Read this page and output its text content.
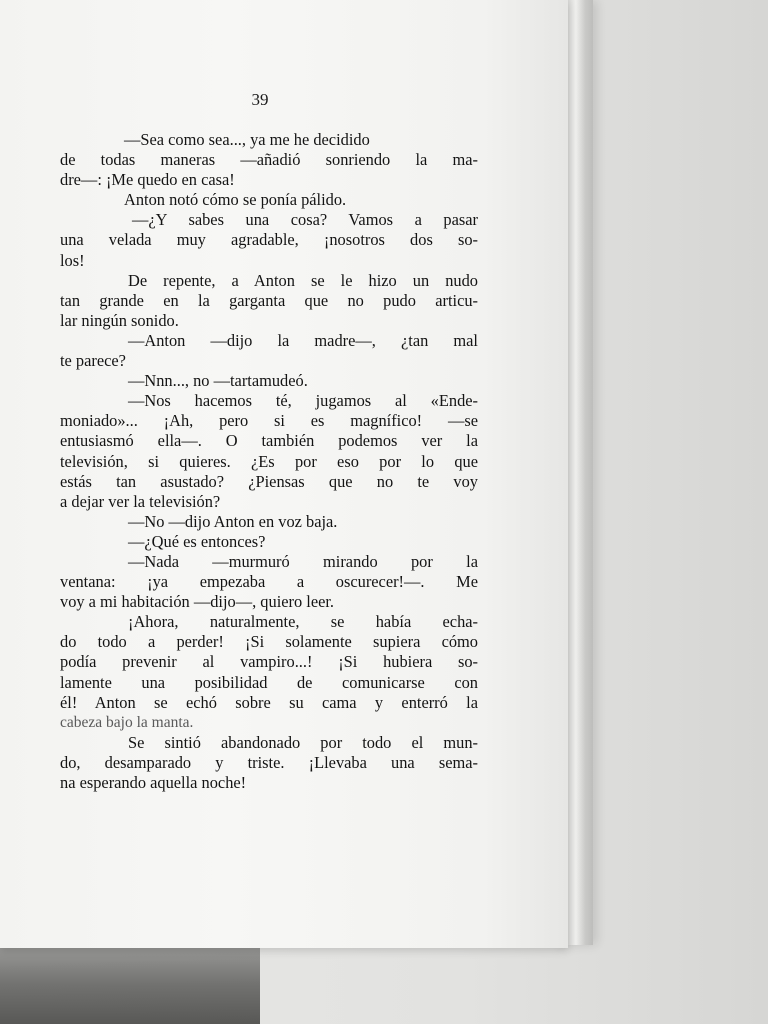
39
—Sea como sea..., ya me he decidido
de todas maneras —añadió sonriendo la ma-
dre—: ¡Me quedo en casa!
Anton notó cómo se ponía pálido.
—¿Y sabes una cosa? Vamos a pasar
una velada muy agradable, ¡nosotros dos so-
los!
De repente, a Anton se le hizo un nudo
tan grande en la garganta que no pudo articu-
lar ningún sonido.
—Anton —dijo la madre—, ¿tan mal
te parece?
—Nnn..., no —tartamudeó.
—Nos hacemos té, jugamos al «Ende-
moniado»... ¡Ah, pero si es magnífico! —se
entusiasmó ella—. O también podemos ver la
televisión, si quieres. ¿Es por eso por lo que
estás tan asustado? ¿Piensas que no te voy
a dejar ver la televisión?
—No —dijo Anton en voz baja.
—¿Qué es entonces?
—Nada —murmuró mirando por la
ventana: ¡ya empezaba a oscurecer!—. Me
voy a mi habitación —dijo—, quiero leer.
¡Ahora, naturalmente, se había echa-
do todo a perder! ¡Si solamente supiera cómo
podía prevenir al vampiro...! ¡Si hubiera so-
lamente una posibilidad de comunicarse con
él! Anton se echó sobre su cama y enterró la
cabeza bajo la manta.
Se sintió abandonado por todo el mun-
do, desamparado y triste. ¡Llevaba una sema-
na esperando aquella noche!
